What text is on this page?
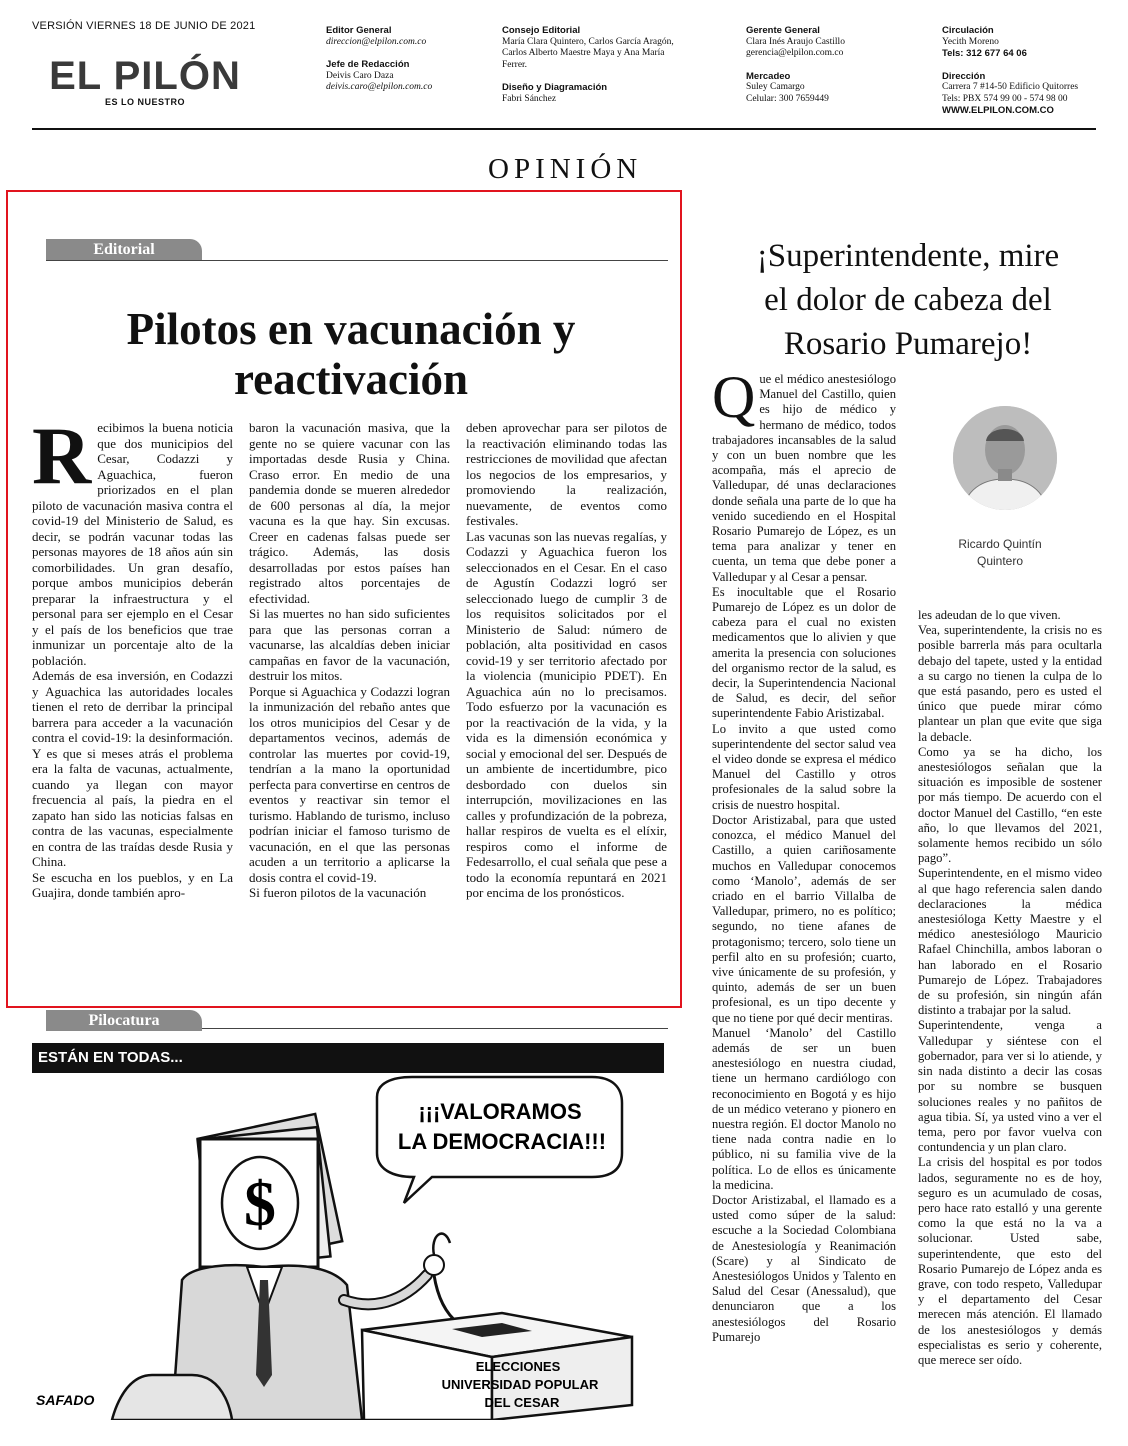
VERSIÓN VIERNES 18 DE JUNIO DE 2021
EL PILÓN
ES LO NUESTRO
Editor General
direccion@elpilon.com.co
Jefe de Redacción
Deivis Caro Daza
deivis.caro@elpilon.com.co
Consejo Editorial
María Clara Quintero, Carlos García Aragón,
Carlos Alberto Maestre Maya y Ana María
Ferrer.
Diseño y Diagramación
Fabri Sánchez
Gerente General
Clara Inés Araujo Castillo
gerencia@elpilon.com.co
Mercadeo
Suley Camargo
Celular: 300 7659449
Circulación
Yecith Moreno
Tels: 312 677 64 06
Dirección
Carrera 7 #14-50 Edificio Quitorres
Tels: PBX 574 99 00 - 574 98 00
WWW.ELPILON.COM.CO
OPINIÓN
Editorial
Pilotos en vacunación y
reactivación

Recibimos la buena noticia que dos municipios del Cesar, Codazzi y Aguachica, fueron priorizados en el plan piloto de vacunación masiva contra el covid-19 del Ministerio de Salud, es decir, se podrán vacunar todas las personas mayores de 18 años aún sin comorbilidades. Un gran desafío, porque ambos municipios deberán preparar la infraestructura y el personal para ser ejemplo en el Cesar y el país de los beneficios que trae inmunizar un porcentaje alto de la población.

Además de esa inversión, en Codazzi y Aguachica las autoridades locales tienen el reto de derribar la principal barrera para acceder a la vacunación contra el covid-19: la desinformación. Y es que si meses atrás el problema era la falta de vacunas, actualmente, cuando ya llegan con mayor frecuencia al país, la piedra en el zapato han sido las noticias falsas en contra de las vacunas, especialmente en contra de las traídas desde Rusia y China.

Se escucha en los pueblos, y en La Guajira, donde también apro-

baron la vacunación masiva, que la gente no se quiere vacunar con las importadas desde Rusia y China. Craso error. En medio de una pandemia donde se mueren alrededor de 600 personas al día, la mejor vacuna es la que hay. Sin excusas. Creer en cadenas falsas puede ser trágico. Además, las dosis desarrolladas por estos países han registrado altos porcentajes de efectividad.

Si las muertes no han sido suficientes para que las personas corran a vacunarse, las alcaldías deben iniciar campañas en favor de la vacunación, destruir los mitos.

Porque si Aguachica y Codazzi logran la inmunización del rebaño antes que los otros municipios del Cesar y de departamentos vecinos, además de controlar las muertes por covid-19, tendrían a la mano la oportunidad perfecta para convertirse en centros de eventos y reactivar sin temor el turismo. Hablando de turismo, incluso podrían iniciar el famoso turismo de vacunación, en el que las personas acuden a un territorio a aplicarse la dosis contra el covid-19.

Si fueron pilotos de la vacunación

deben aprovechar para ser pilotos de la reactivación eliminando todas las restricciones de movilidad que afectan los negocios de los empresarios, y promoviendo la realización, nuevamente, de eventos como festivales.

Las vacunas son las nuevas regalías, y Codazzi y Aguachica fueron los seleccionados en el Cesar. En el caso de Agustín Codazzi logró ser seleccionado luego de cumplir 3 de los requisitos solicitados por el Ministerio de Salud: número de población, alta positividad en casos covid-19 y ser territorio afectado por la violencia (municipio PDET). En Aguachica aún no lo precisamos. Todo esfuerzo por la vacunación es por la reactivación de la vida, y la vida es la dimensión económica y social y emocional del ser. Después de un ambiente de incertidumbre, pico desbordado con duelos sin interrupción, movilizaciones en las calles y profundización de la pobreza, hallar respiros de vuelta es el elíxir, respiros como el informe de Fedesarrollo, el cual señala que pese a todo la economía repuntará en 2021 por encima de los pronósticos.

Pilocatura
ESTÁN EN TODAS...
¡¡¡VALORAMOS
LA DEMOCRACIA!!!
$
ELECCIONES
UNIVERSIDAD POPULAR
DEL CESAR
SAFADO
¡Superintendente, mire
el dolor de cabeza del
Rosario Pumarejo!
Ricardo Quintín
Quintero

Que el médico anestesiólogo Manuel del Castillo, quien es hijo de médico y hermano de médico, todos trabajadores incansables de la salud y con un buen nombre que les acompaña, más el aprecio de Valledupar, dé unas declaraciones donde señala una parte de lo que ha venido sucediendo en el Hospital Rosario Pumarejo de López, es un tema para analizar y tener en cuenta, un tema que debe poner a Valledupar y al Cesar a pensar.

Es inocultable que el Rosario Pumarejo de López es un dolor de cabeza para el cual no existen medicamentos que lo alivien y que amerita la presencia con soluciones del organismo rector de la salud, es decir, la Superintendencia Nacional de Salud, es decir, del señor superintendente Fabio Aristizabal.

Lo invito a que usted como superintendente del sector salud vea el video donde se expresa el médico Manuel del Castillo y otros profesionales de la salud sobre la crisis de nuestro hospital.

Doctor Aristizabal, para que usted conozca, el médico Manuel del Castillo, a quien cariñosamente muchos en Valledupar conocemos como ‘Manolo’, además de ser criado en el barrio Villalba de Valledupar, primero, no es político; segundo, no tiene afanes de protagonismo; tercero, solo tiene un perfil alto en su profesión; cuarto, vive únicamente de su profesión, y quinto, además de ser un buen profesional, es un tipo decente y que no tiene por qué decir mentiras.

Manuel ‘Manolo’ del Castillo además de ser un buen anestesiólogo en nuestra ciudad, tiene un hermano cardiólogo con reconocimiento en Bogotá y es hijo de un médico veterano y pionero en nuestra región. El doctor Manolo no tiene nada contra nadie en lo público, ni su familia vive de la política. Lo de ellos es únicamente la medicina.

Doctor Aristizabal, el llamado es a usted como súper de la salud: escuche a la Sociedad Colombiana de Anestesiología y Reanimación (Scare) y al Sindicato de Anestesiólogos Unidos y Talento en Salud del Cesar (Anessalud), que denunciaron que a los anestesiólogos del Rosario Pumarejo

les adeudan de lo que viven.

Vea, superintendente, la crisis no es posible barrerla más para ocultarla debajo del tapete, usted y la entidad a su cargo no tienen la culpa de lo que está pasando, pero es usted el único que puede mirar cómo plantear un plan que evite que siga la debacle.

Como ya se ha dicho, los anestesiólogos señalan que la situación es imposible de sostener por más tiempo. De acuerdo con el doctor Manuel del Castillo, “en este año, lo que llevamos del 2021, solamente hemos recibido un sólo pago”.

Superintendente, en el mismo video al que hago referencia salen dando declaraciones la médica anestesióloga Ketty Maestre y el médico anestesiólogo Mauricio Rafael Chinchilla, ambos laboran o han laborado en el Rosario Pumarejo de López. Trabajadores de su profesión, sin ningún afán distinto a trabajar por la salud.

Superintendente, venga a Valledupar y siéntese con el gobernador, para ver si lo atiende, y sin nada distinto a decir las cosas por su nombre se busquen soluciones reales y no pañitos de agua tibia. Sí, ya usted vino a ver el tema, pero por favor vuelva con contundencia y un plan claro.

La crisis del hospital es por todos lados, seguramente no es de hoy, seguro es un acumulado de cosas, pero hace rato estalló y una gerente como la que está no la va a solucionar. Usted sabe, superintendente, que esto del Rosario Pumarejo de López anda es grave, con todo respeto, Valledupar y el departamento del Cesar merecen más atención. El llamado de los anestesiólogos y demás especialistas es serio y coherente, que merece ser oído.
